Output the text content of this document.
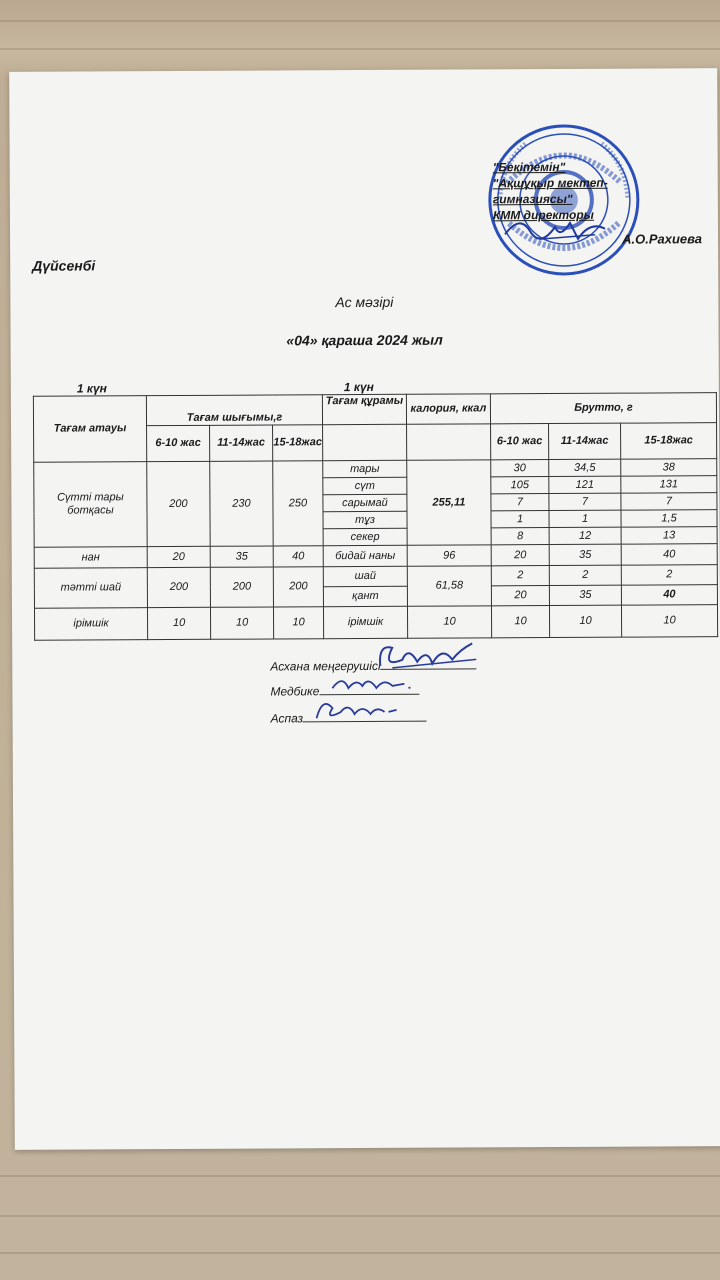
"Бекітемін"
"Ақшұқыр мектеп-
гимназиясы"
КММ директоры
А.О.Рахиева
Дүйсенбі
Ас мәзірі
«04» қараша 2024 жыл
1 күн	1 күн
Тағам атауы	Тағам шығымы,г			Тағам құрамы	калория, ккал	Брутто, г		
	6-10 жас	11-14жас	15-18жас			6-10 жас	11-14жас	15-18жас
Сүтті тары ботқасы	200	230	250	тары	255,11	30	34,5	38
				сүт		105	121	131
				сарымай		7	7	7
				тұз		1	1	1,5
				секер		8	12	13
нан	20	35	40	бидай наны	96	20	35	40
тәтті шай	200	200	200	шай	61,58	2	2	2
				қант		20	35	40
ірімшік	10	10	10	ірімшік	10	10	10	10
Асхана меңгерушісі
Медбике
Аспаз
